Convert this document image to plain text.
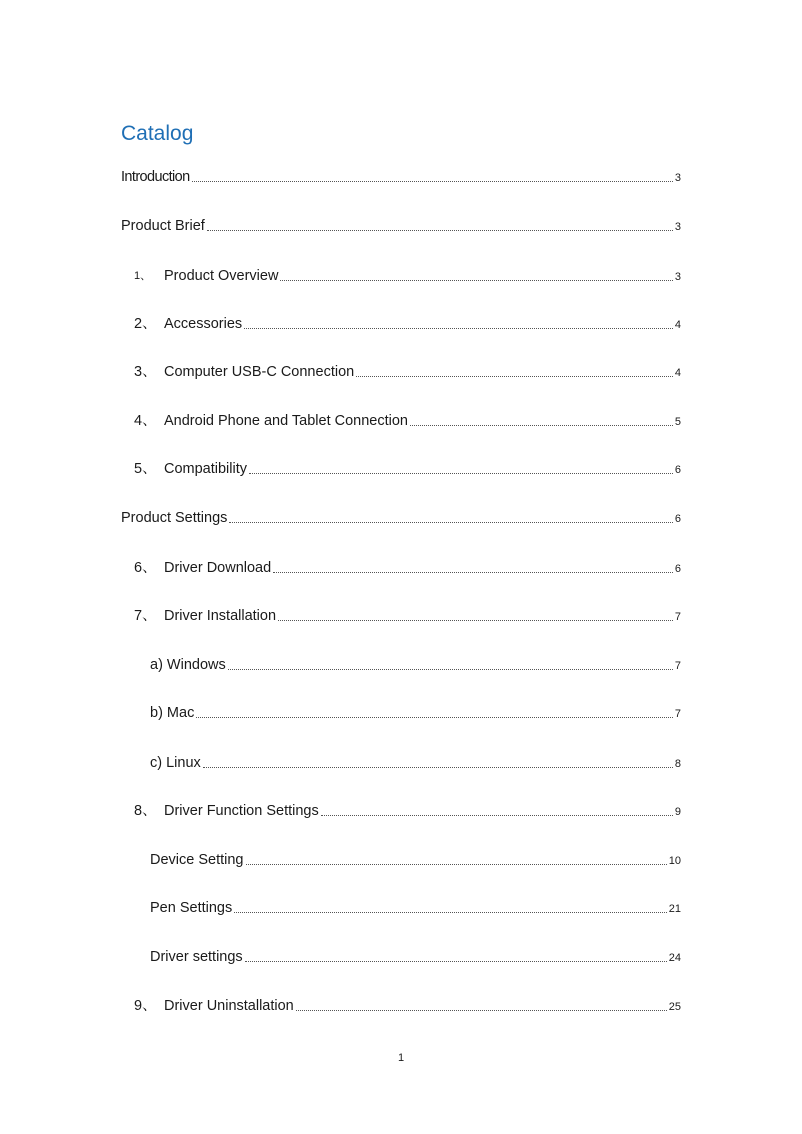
Catalog
Introduction	3
Product Brief	3
1、 Product Overview	3
2、 Accessories	4
3、 Computer USB-C Connection	4
4、 Android Phone and Tablet Connection	5
5、 Compatibility	6
Product Settings	6
6、 Driver Download	6
7、 Driver Installation	7
a) Windows	7
b) Mac	7
c) Linux	8
8、 Driver Function Settings	9
Device Setting	10
Pen Settings	21
Driver settings	24
9、 Driver Uninstallation	25
1
